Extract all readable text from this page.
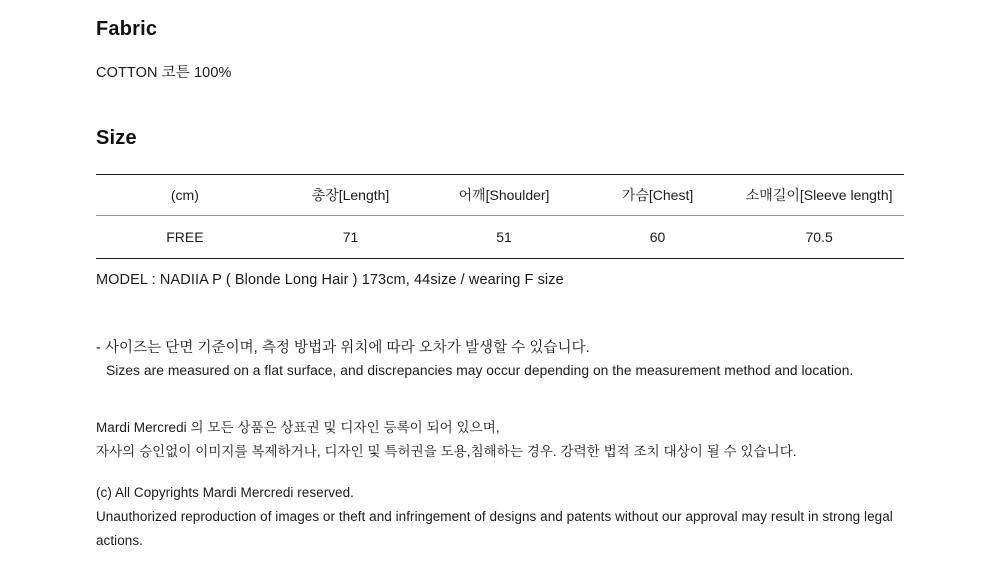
Fabric

COTTON 코튼 100%

Size
(cm)	총장[Length]	어깨[Shoulder]	가슴[Chest]	소매길이[Sleeve length]
FREE	71	51	60	70.5

MODEL : NADIIA P ( Blonde Long Hair ) 173cm, 44size / wearing F size

- 사이즈는 단면 기준이며, 측정 방법과 위치에 따라 오차가 발생할 수 있습니다.

Sizes are measured on a flat surface, and discrepancies may occur depending on the measurement method and location.

Mardi Mercredi 의 모든 상품은 상표권 및 디자인 등록이 되어 있으며,

자사의 승인없이 이미지를 복제하거나, 디자인 및 특허권을 도용,침해하는 경우. 강력한 법적 조치 대상이 될 수 있습니다.

(c) All Copyrights Mardi Mercredi reserved.

Unauthorized reproduction of images or theft and infringement of designs and patents without our approval may result in strong legal actions.
